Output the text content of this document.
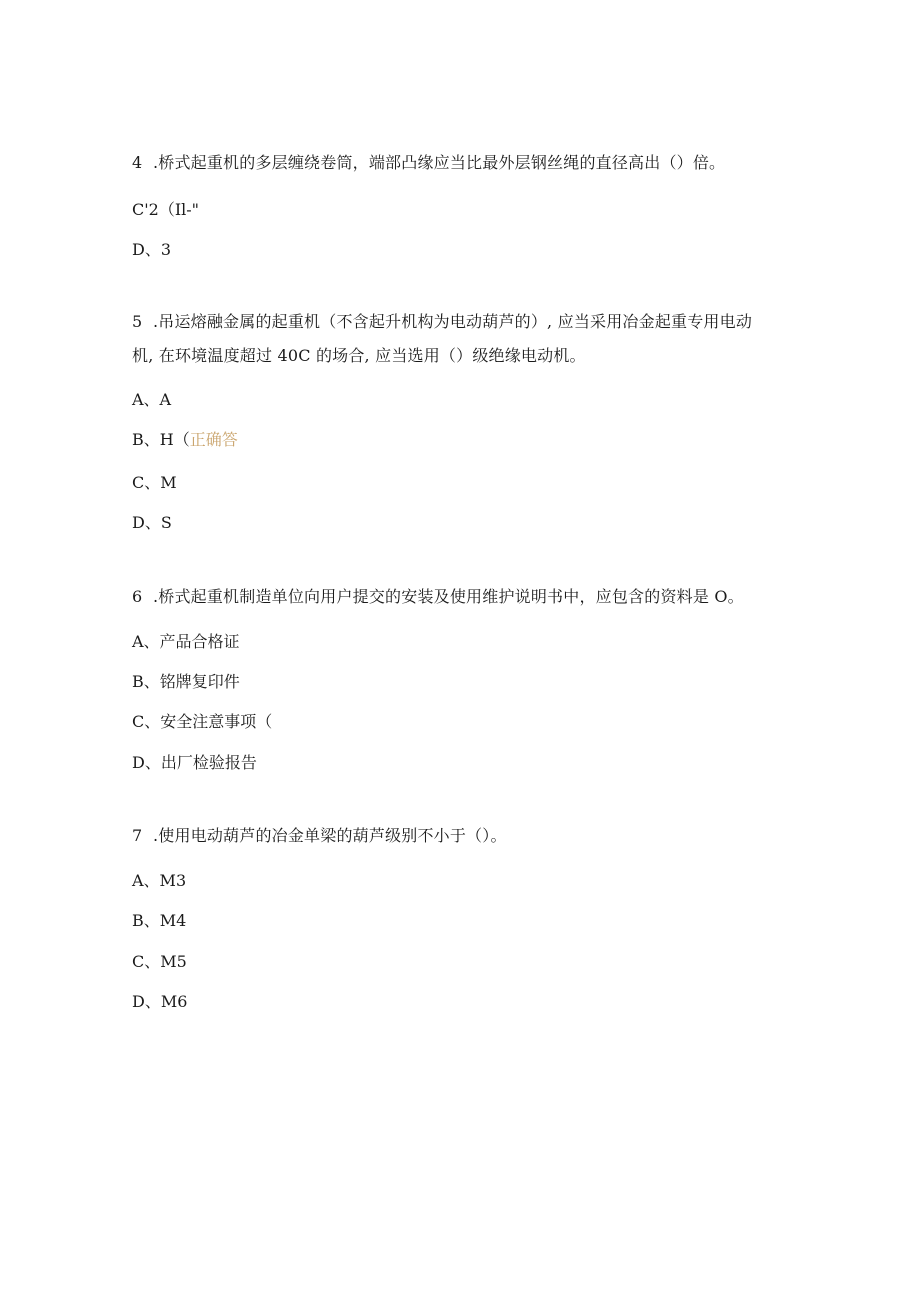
4 .桥式起重机的多层缠绕卷筒，端部凸缘应当比最外层钢丝绳的直径高出（）倍。
C'2（Il-"
D、3
5 .吊运熔融金属的起重机（不含起升机构为电动葫芦的）, 应当采用冶金起重专用电动
机, 在环境温度超过 40C 的场合, 应当选用（）级绝缘电动机。
A、A
B、H（正确答
C、M
D、S
6 .桥式起重机制造单位向用户提交的安装及使用维护说明书中，应包含的资料是 O。
A、产品合格证
B、铭牌复印件
C、安全注意事项（
D、出厂检验报告
7 .使用电动葫芦的冶金单梁的葫芦级别不小于（）。
A、M3
B、M4
C、M5
D、M6
